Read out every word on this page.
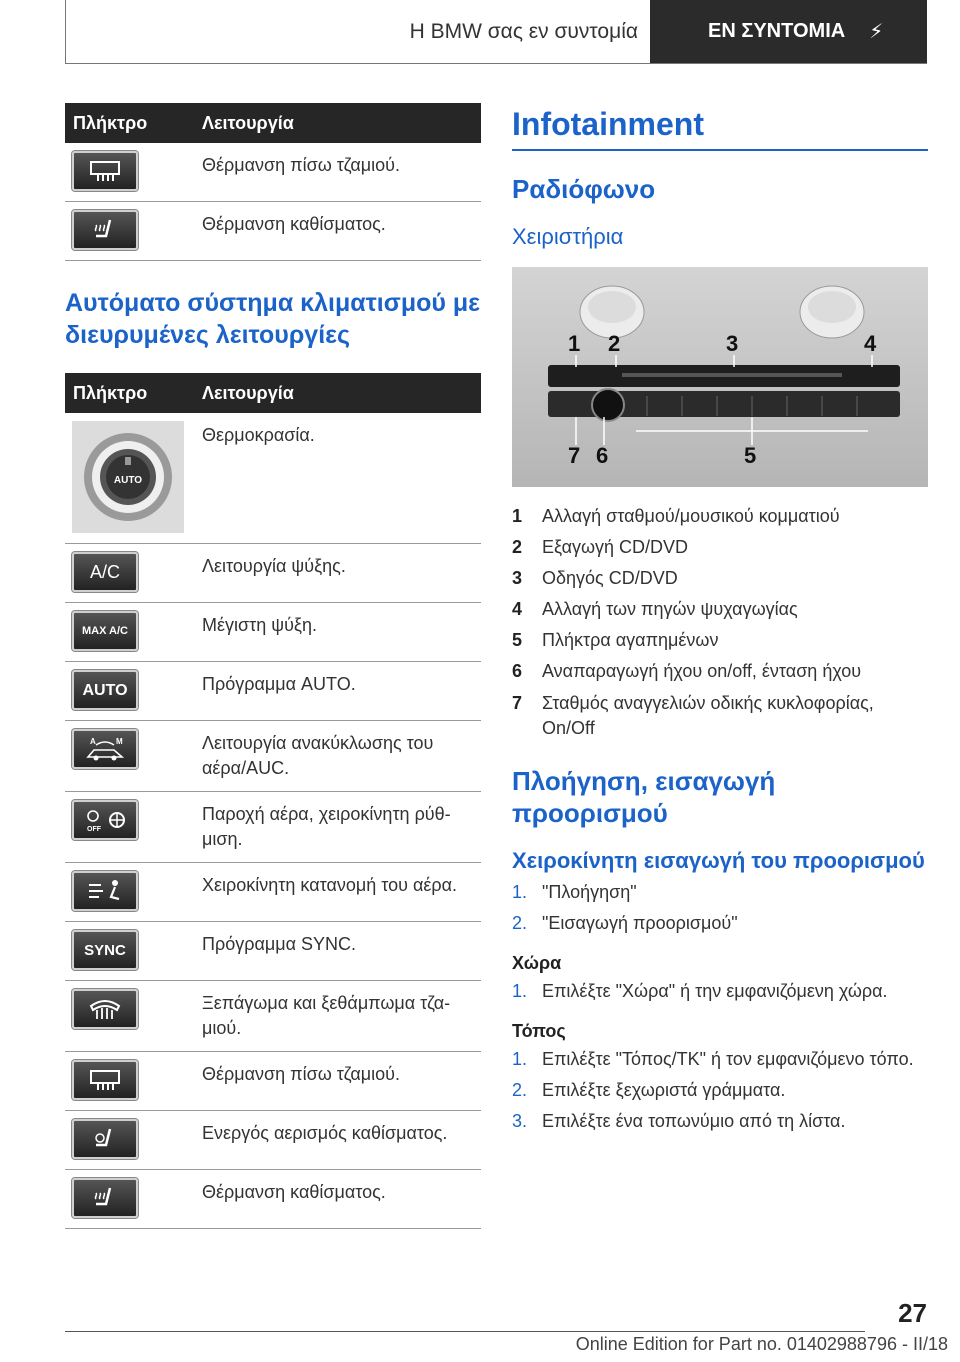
Η BMW σας εν συντομία	ΕΝ ΣΥΝΤΟΜΙΑ ⚡
Πλήκτρο	Λειτουργία

	Θέρμανση πίσω τζαμιού.

	Θέρμανση καθίσματος.
Αυτόματο σύστημα κλιματισμού με διευρυμένες λειτουργίες
Πλήκτρο	Λειτουργία

AUTO	Θερμοκρασία.

A/C	Λειτουργία ψύξης.

MAX A/C	Μέγιστη ψύξη.

AUTO	Πρόγραμμα AUTO.

A M	Λειτουργία ανακύκλωσης του αέρα/AUC.

OFF	Παροχή αέρα, χειροκίνητη ρύθ-μιση.

	Χειροκίνητη κατανομή του αέρα.

SYNC	Πρόγραμμα SYNC.

	Ξεπάγωμα και ξεθάμπωμα τζα-μιού.

	Θέρμανση πίσω τζαμιού.

	Ενεργός αερισμός καθίσματος.

	Θέρμανση καθίσματος.
Infotainment
Ραδιόφωνο
Χειριστήρια
1 2	3	4
7 6	5
1	Αλλαγή σταθμού/μουσικού κομματιού
2	Εξαγωγή CD/DVD
3	Οδηγός CD/DVD
4	Αλλαγή των πηγών ψυχαγωγίας
5	Πλήκτρα αγαπημένων
6	Αναπαραγωγή ήχου on/off, ένταση ήχου
7	Σταθμός αναγγελιών οδικής κυκλοφορίας, On/Off
Πλοήγηση, εισαγωγή προορισμού
Χειροκίνητη εισαγωγή του προορισμού
1. "Πλοήγηση"
2. "Εισαγωγή προορισμού"
Χώρα
1. Επιλέξτε "Χώρα" ή την εμφανιζόμενη χώρα.
Τόπος
1. Επιλέξτε "Τόπος/ΤΚ" ή τον εμφανιζόμενο τόπο.
2. Επιλέξτε ξεχωριστά γράμματα.
3. Επιλέξτε ένα τοπωνύμιο από τη λίστα.
27
Online Edition for Part no. 01402988796 - II/18
